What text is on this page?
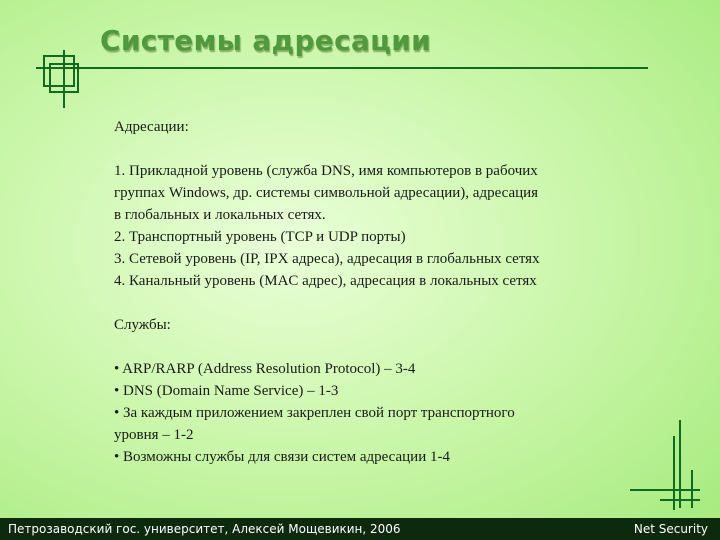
Системы адресации

Адресации:

1. Прикладной уровень (служба DNS, имя компьютеров в рабочих

группах Windows, др. системы символьной адресации), адресация

в глобальных и локальных сетях.

2. Транспортный уровень (TCP и UDP порты)

3. Сетевой уровень (IP, IPX адреса), адресация в глобальных сетях

4. Канальный уровень (MAC адрес), адресация в локальных сетях

Службы:

• ARP/RARP (Address Resolution Protocol) – 3-4

• DNS (Domain Name Service) – 1-3

• За каждым приложением закреплен свой порт транспортного

уровня – 1-2

• Возможны службы для связи систем адресации 1-4

Петрозаводский гос. университет, Алексей Мощевикин, 2006	Net Security
